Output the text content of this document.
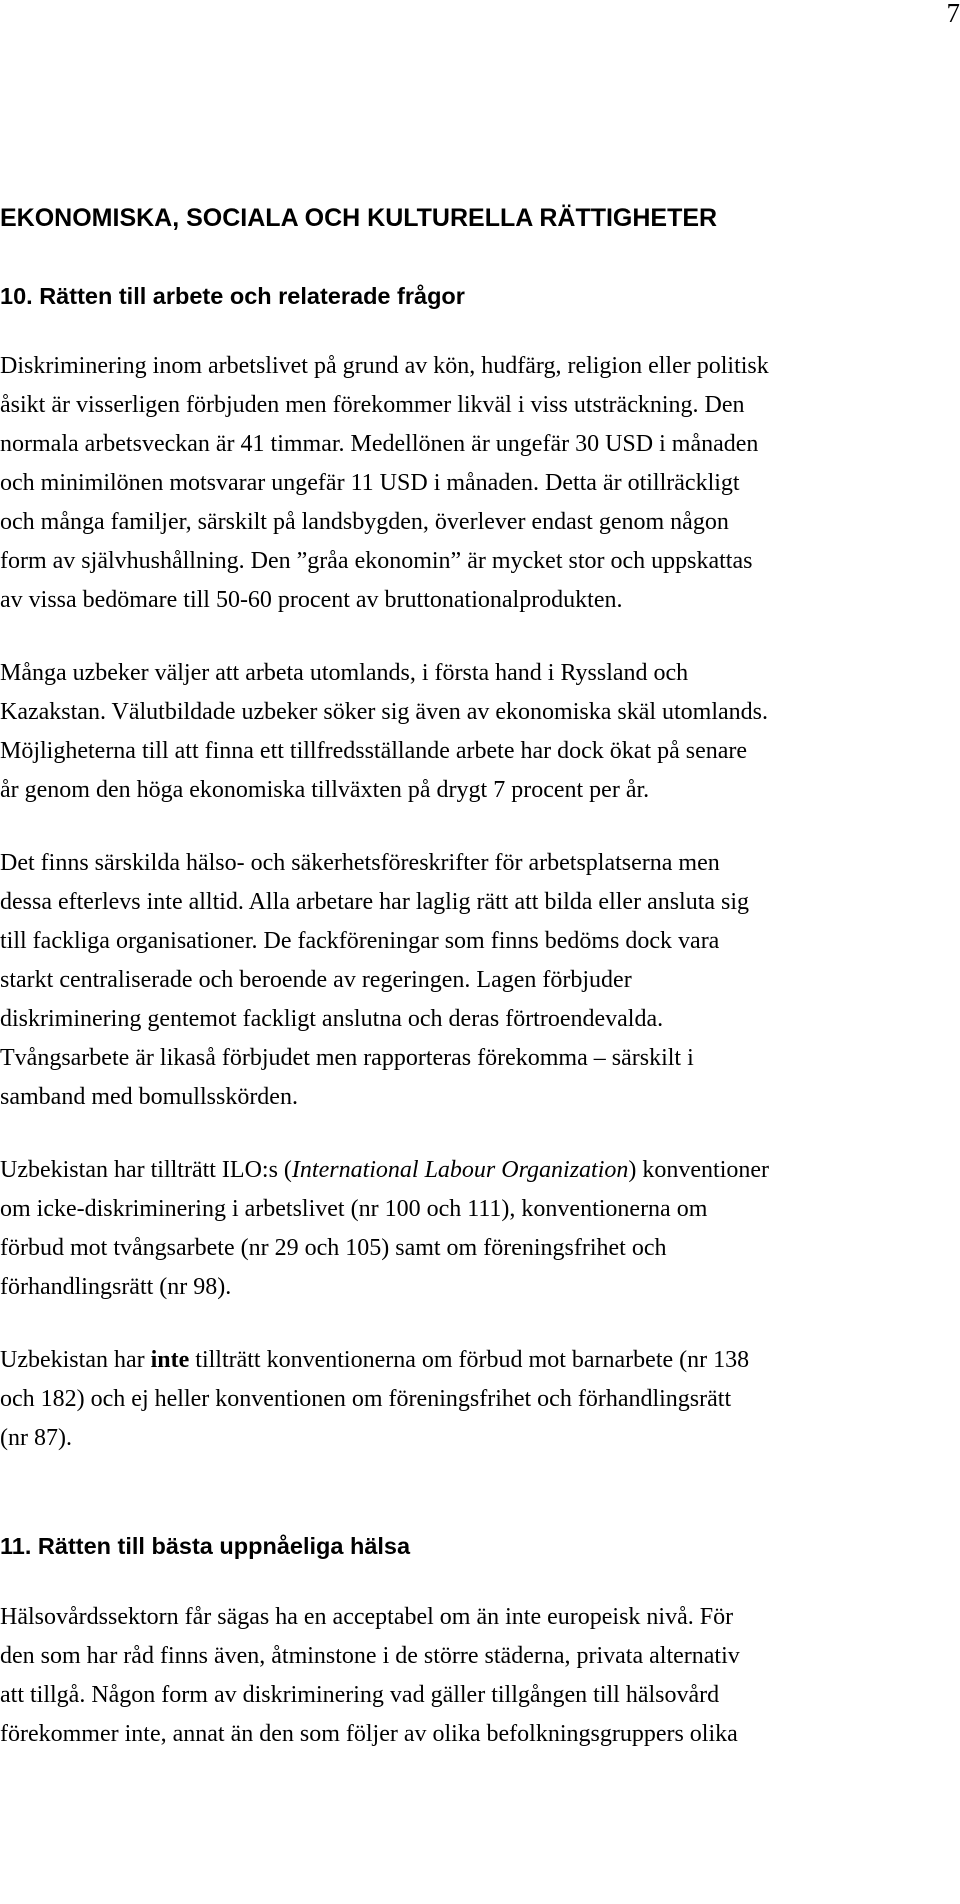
7
EKONOMISKA, SOCIALA OCH KULTURELLA RÄTTIGHETER
10. Rätten till arbete och relaterade frågor

Diskriminering inom arbetslivet på grund av kön, hudfärg, religion eller politisk
åsikt är visserligen förbjuden men förekommer likväl i viss utsträckning. Den
normala arbetsveckan är 41 timmar. Medellönen är ungefär 30 USD i månaden
och minimilönen motsvarar ungefär 11 USD i månaden. Detta är otillräckligt
och många familjer, särskilt på landsbygden, överlever endast genom någon
form av självhushållning. Den ”gråa ekonomin” är mycket stor och uppskattas
av vissa bedömare till 50-60 procent av bruttonationalprodukten.

Många uzbeker väljer att arbeta utomlands, i första hand i Ryssland och
Kazakstan. Välutbildade uzbeker söker sig även av ekonomiska skäl utomlands.
Möjligheterna till att finna ett tillfredsställande arbete har dock ökat på senare
år genom den höga ekonomiska tillväxten på drygt 7 procent per år.

Det finns särskilda hälso- och säkerhetsföreskrifter för arbetsplatserna men
dessa efterlevs inte alltid. Alla arbetare har laglig rätt att bilda eller ansluta sig
till fackliga organisationer. De fackföreningar som finns bedöms dock vara
starkt centraliserade och beroende av regeringen. Lagen förbjuder
diskriminering gentemot fackligt anslutna och deras förtroendevalda.
Tvångsarbete är likaså förbjudet men rapporteras förekomma – särskilt i
samband med bomullsskörden.

Uzbekistan har tillträtt ILO:s (International Labour Organization) konventioner
om icke-diskriminering i arbetslivet (nr 100 och 111), konventionerna om
förbud mot tvångsarbete (nr 29 och 105) samt om föreningsfrihet och
förhandlingsrätt (nr 98).

Uzbekistan har inte tillträtt konventionerna om förbud mot barnarbete (nr 138
och 182) och ej heller konventionen om föreningsfrihet och förhandlingsrätt
(nr 87).

11. Rätten till bästa uppnåeliga hälsa

Hälsovårdssektorn får sägas ha en acceptabel om än inte europeisk nivå. För
den som har råd finns även, åtminstone i de större städerna, privata alternativ
att tillgå. Någon form av diskriminering vad gäller tillgången till hälsovård
förekommer inte, annat än den som följer av olika befolkningsgruppers olika
